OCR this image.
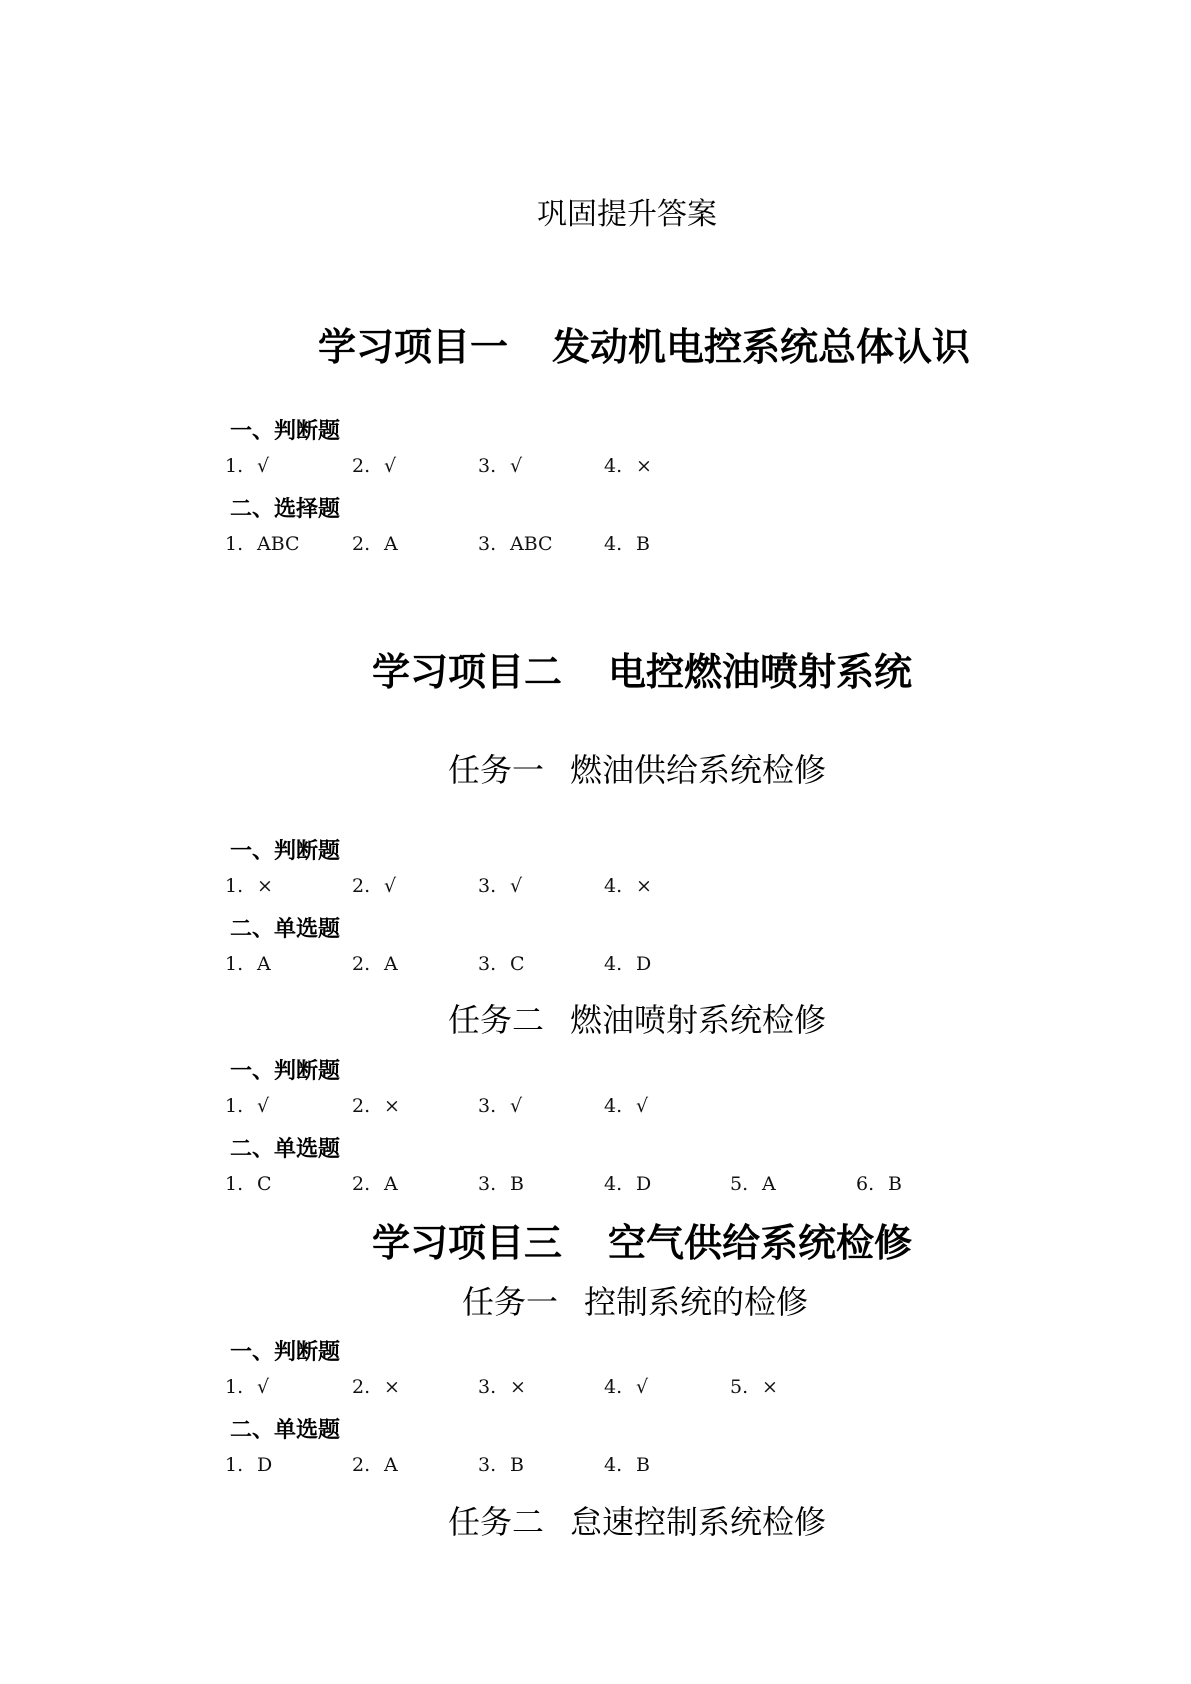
巩固提升答案
学习项目一 发动机电控系统总体认识
一、判断题
1. √	2. √	3. √	4. ×
二、选择题
1. ABC	2. A	3. ABC	4. B
学习项目二 电控燃油喷射系统
任务一 燃油供给系统检修
一、判断题
1. ×	2. √	3. √	4. ×
二、单选题
1. A	2. A	3. C	4. D
任务二 燃油喷射系统检修
一、判断题
1. √	2. ×	3. √	4. √
二、单选题
1. C	2. A	3. B	4. D	5. A	6. B
学习项目三 空气供给系统检修
任务一 控制系统的检修
一、判断题
1. √	2. ×	3. ×	4. √	5. ×
二、单选题
1. D	2. A	3. B	4. B
任务二 怠速控制系统检修
